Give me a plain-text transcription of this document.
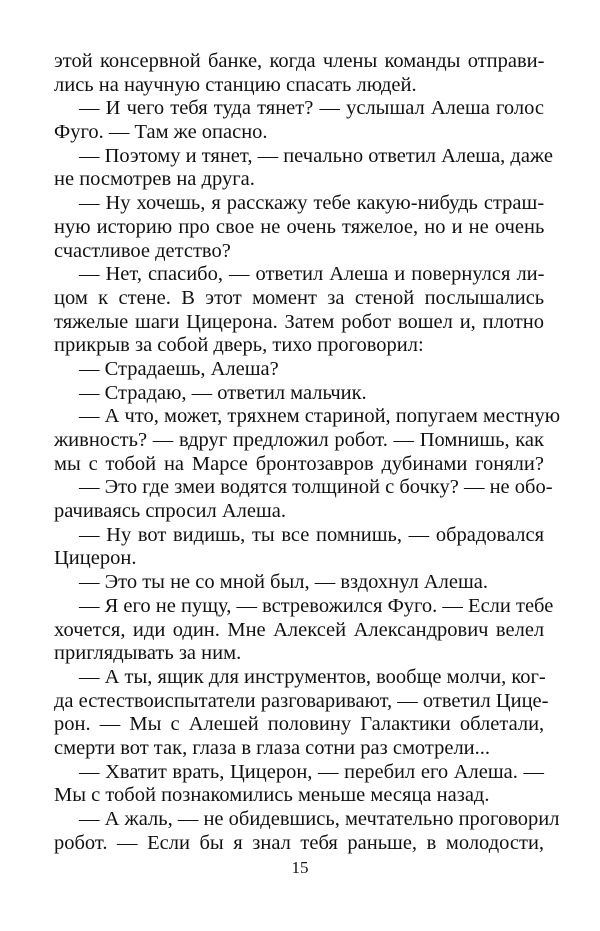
этой консервной банке, когда члены команды отправи-
лись на научную станцию спасать людей.
— И чего тебя туда тянет? — услышал Алеша голос
Фуго. — Там же опасно.
— Поэтому и тянет, — печально ответил Алеша, даже
не посмотрев на друга.
— Ну хочешь, я расскажу тебе какую-нибудь страш-
ную историю про свое не очень тяжелое, но и не очень
счастливое детство?
— Нет, спасибо, — ответил Алеша и повернулся ли-
цом к стене. В этот момент за стеной послышались
тяжелые шаги Цицерона. Затем робот вошел и, плотно
прикрыв за собой дверь, тихо проговорил:
— Страдаешь, Алеша?
— Страдаю, — ответил мальчик.
— А что, может, тряхнем стариной, попугаем местную
живность? — вдруг предложил робот. — Помнишь, как
мы с тобой на Марсе бронтозавров дубинами гоняли?
— Это где змеи водятся толщиной с бочку? — не обо-
рачиваясь спросил Алеша.
— Ну вот видишь, ты все помнишь, — обрадовался
Цицерон.
— Это ты не со мной был, — вздохнул Алеша.
— Я его не пущу, — встревожился Фуго. — Если тебе
хочется, иди один. Мне Алексей Александрович велел
приглядывать за ним.
— А ты, ящик для инструментов, вообще молчи, ког-
да естествоиспытатели разговаривают, — ответил Цице-
рон. — Мы с Алешей половину Галактики облетали,
смерти вот так, глаза в глаза сотни раз смотрели...
— Хватит врать, Цицерон, — перебил его Алеша. —
Мы с тобой познакомились меньше месяца назад.
— А жаль, — не обидевшись, мечтательно проговорил
робот. — Если бы я знал тебя раньше, в молодости,
15
